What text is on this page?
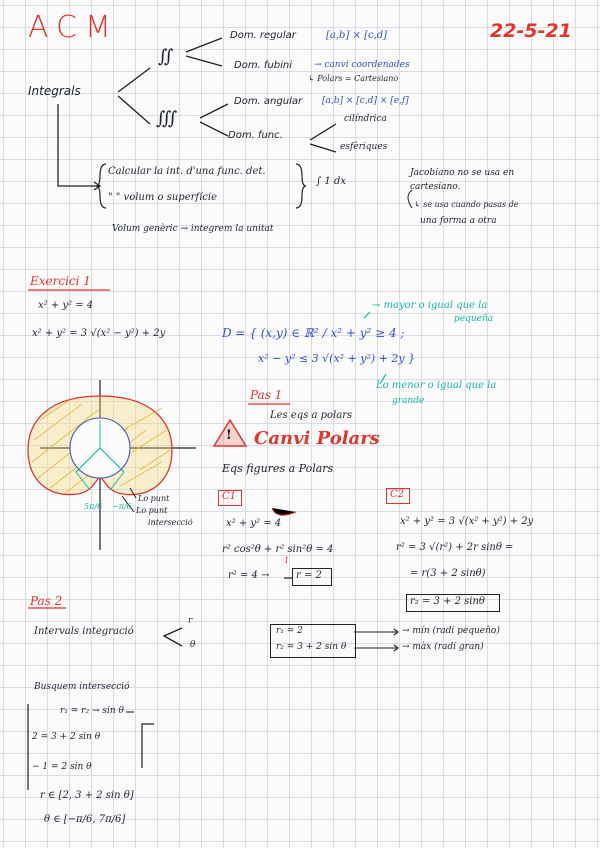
ACM	22-5-21
Integrals
∬
∭
Dom. regular	[a,b] × [c,d]
Dom. fubini → canvi coordenades
↳ Polars = Cartesiano
Dom. angular [a,b] × [c,d] × [e,f]
Dom. func.
cilíndrica
esfèriques
Calcular la int. d'una func. det.
" " volum o superfície
∫ 1 dx
Volum genèric → integrem la unitat
Jacobiano no se usa en
cartesiano.
↳ se usa cuando pasas de
una forma a otra
Exercici 1
x² + y² = 4
x² + y² = 3 √(x² − y²) + 2y	D = { (x,y) ∈ ℝ² / x² + y² ≥ 4 ;
x² − y² ≤ 3 √(x² + y²) + 2y }
→ mayor o igual que la
pequeña
Lo menor o igual que la
grande
Lo punt
Lo punt
intersecció
5π/6 −π/6
Pas 1
Les eqs a polars
! Canvi Polars
Eqs figures a Polars
C1	C2
x² + y² = 4
r² cos²θ + r² sin²θ = 4
1
r² = 4 →	r = 2
x² + y² = 3 √(x² + y²) + 2y
r² = 3 √(r²) + 2r sinθ =
= r(3 + 2 sinθ)
r₂ = 3 + 2 sinθ
Pas 2
Intervals integració
r
θ
r₁ = 2
r₂ = 3 + 2 sin θ
→ mín (radi pequeño)
→ màx (radi gran)
Busquem intersecció
r₁ = r₂ → sin θ
2 = 3 + 2 sin θ
− 1 = 2 sin θ
r ∈ [2, 3 + 2 sin θ]
θ ∈ [−π/6, 7π/6]
